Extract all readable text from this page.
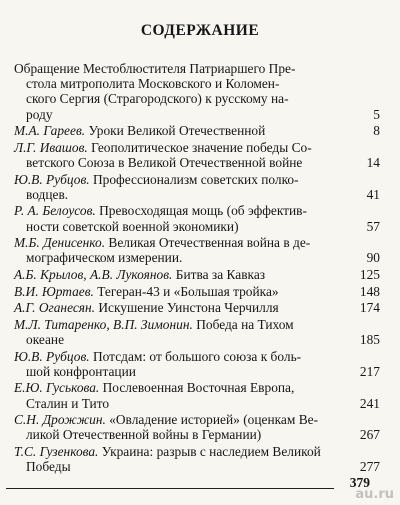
СОДЕРЖАНИЕ
Обращение Местоблюстителя Патриаршего Пре-
стола митрополита Московского и Коломен-
ского Сергия (Страгородского) к русскому на-
роду	5
М.А. Гареев. Уроки Великой Отечественной	8
Л.Г. Ивашов. Геополитическое значение победы Со-
ветского Союза в Великой Отечественной войне	14
Ю.В. Рубцов. Профессионализм советских полко-
водцев.	41
Р. А. Белоусов. Превосходящая мощь (об эффектив-
ности советской военной экономики)	57
М.Б. Денисенко. Великая Отечественная война в де-
мографическом измерении.	90
А.Б. Крылов, А.В. Лукоянов. Битва за Кавказ	125
В.И. Юртаев. Тегеран-43 и «Большая тройка»	148
А.Г. Оганесян. Искушение Уинстона Черчилля	174
М.Л. Титаренко, В.П. Зимонин. Победа на Тихом
океане	185
Ю.В. Рубцов. Потсдам: от большого союза к боль-
шой конфронтации	217
Е.Ю. Гуськова. Послевоенная Восточная Европа,
Сталин и Тито	241
С.Н. Дрожжин. «Овладение историей» (оценкам Ве-
ликой Отечественной войны в Германии)	267
Т.С. Гузенкова. Украина: разрыв с наследием Великой
Победы	277
379
au.ru
